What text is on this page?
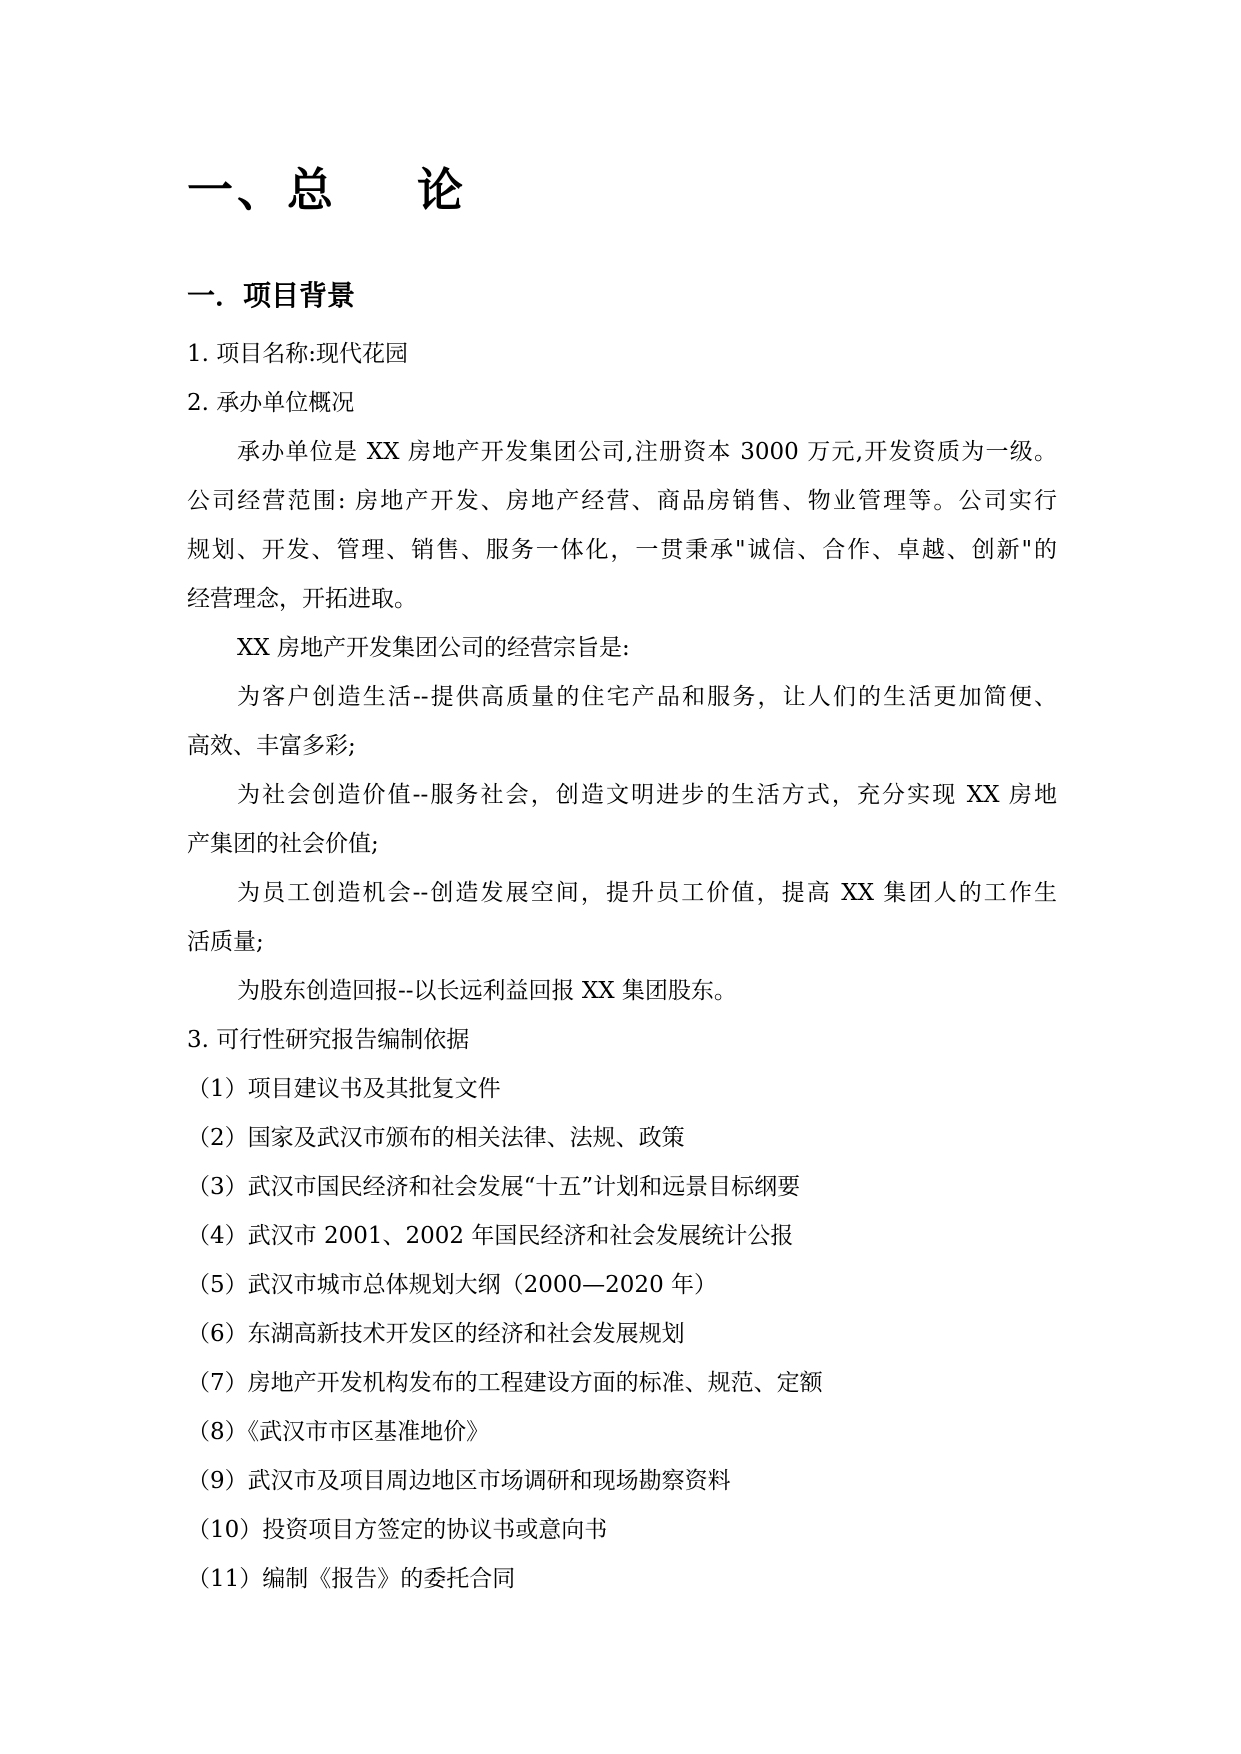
一、总    论
一．项目背景
1. 项目名称:现代花园
2. 承办单位概况
承办单位是 XX 房地产开发集团公司,注册资本 3000 万元,开发资质为一级。
公司经营范围: 房地产开发、房地产经营、商品房销售、物业管理等。公司实行
规划、开发、管理、销售、服务一体化，一贯秉承"诚信、合作、卓越、创新"的
经营理念，开拓进取。
XX 房地产开发集团公司的经营宗旨是:
为客户创造生活--提供高质量的住宅产品和服务，让人们的生活更加简便、
高效、丰富多彩;
为社会创造价值--服务社会，创造文明进步的生活方式，充分实现 XX 房地
产集团的社会价值;
为员工创造机会--创造发展空间，提升员工价值，提高 XX 集团人的工作生
活质量;
为股东创造回报--以长远利益回报 XX 集团股东。
3. 可行性研究报告编制依据
（1）项目建议书及其批复文件
（2）国家及武汉市颁布的相关法律、法规、政策
（3）武汉市国民经济和社会发展“十五”计划和远景目标纲要
（4）武汉市 2001、2002 年国民经济和社会发展统计公报
（5）武汉市城市总体规划大纲（2000—2020 年）
（6）东湖高新技术开发区的经济和社会发展规划
（7）房地产开发机构发布的工程建设方面的标准、规范、定额
（8）《武汉市市区基准地价》
（9）武汉市及项目周边地区市场调研和现场勘察资料
（10）投资项目方签定的协议书或意向书
（11）编制《报告》的委托合同
